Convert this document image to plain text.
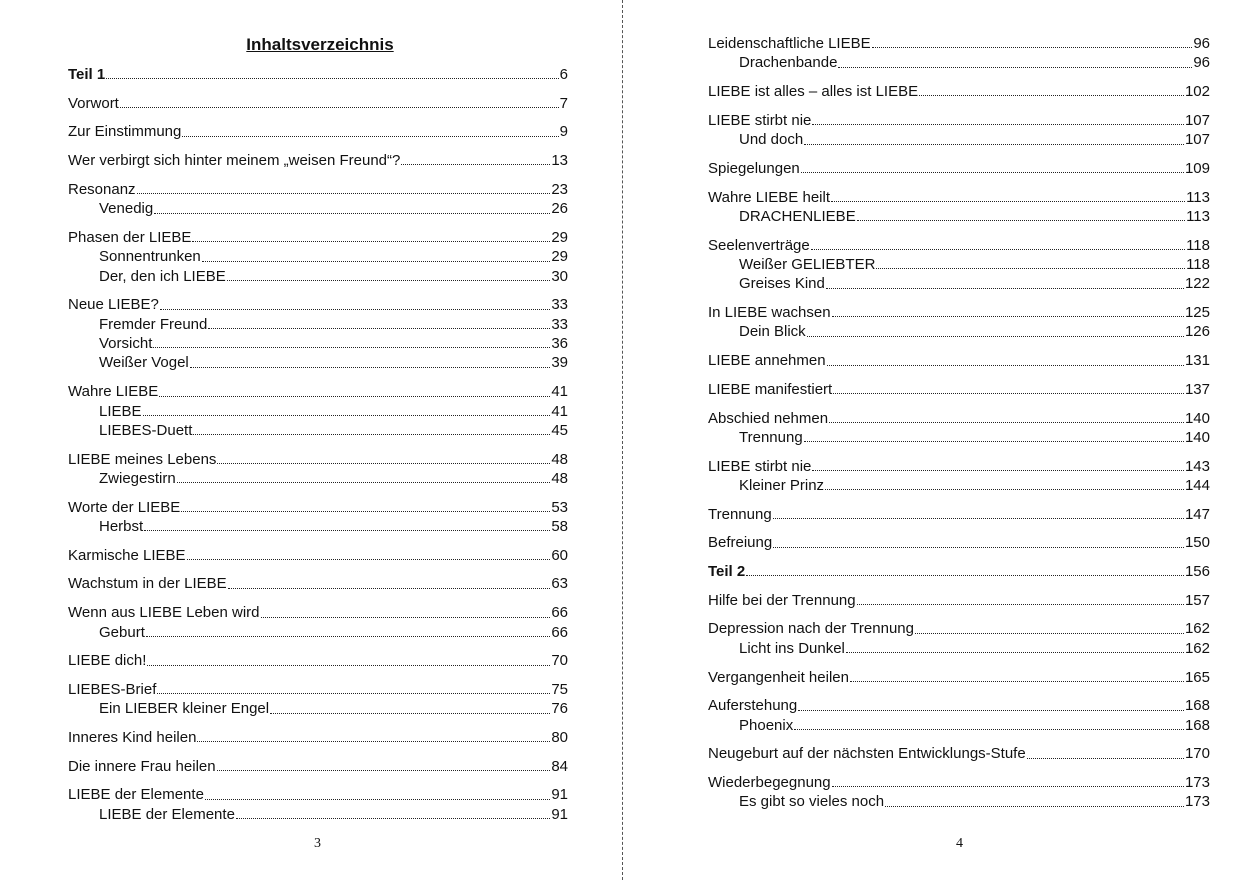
Inhaltsverzeichnis
Teil 1	6
Vorwort	7
Zur Einstimmung	9
Wer verbirgt sich hinter meinem „weisen Freund“?	13
Resonanz	23
Venedig	26
Phasen der LIEBE	29
Sonnentrunken	29
Der, den ich LIEBE	30
Neue LIEBE?	33
Fremder Freund	33
Vorsicht	36
Weißer Vogel	39
Wahre LIEBE	41
LIEBE	41
LIEBES-Duett	45
LIEBE meines Lebens	48
Zwiegestirn	48
Worte der LIEBE	53
Herbst	58
Karmische LIEBE	60
Wachstum in der LIEBE	63
Wenn aus LIEBE Leben wird	66
Geburt	66
LIEBE dich!	70
LIEBES-Brief	75
Ein LIEBER kleiner Engel	76
Inneres Kind heilen	80
Die innere Frau heilen	84
LIEBE der Elemente	91
LIEBE der Elemente	91
3
Leidenschaftliche LIEBE	96
Drachenbande	96
LIEBE ist alles – alles ist LIEBE	102
LIEBE stirbt nie	107
Und doch	107
Spiegelungen	109
Wahre LIEBE heilt	113
DRACHENLIEBE	113
Seelenverträge	118
Weißer GELIEBTER	118
Greises Kind	122
In LIEBE wachsen	125
Dein Blick	126
LIEBE annehmen	131
LIEBE manifestiert	137
Abschied nehmen	140
Trennung	140
LIEBE stirbt nie	143
Kleiner Prinz	144
Trennung	147
Befreiung	150
Teil 2	156
Hilfe bei der Trennung	157
Depression nach der Trennung	162
Licht ins Dunkel	162
Vergangenheit heilen	165
Auferstehung	168
Phoenix	168
Neugeburt auf der nächsten Entwicklungs-Stufe	170
Wiederbegegnung	173
Es gibt so vieles noch	173
4
